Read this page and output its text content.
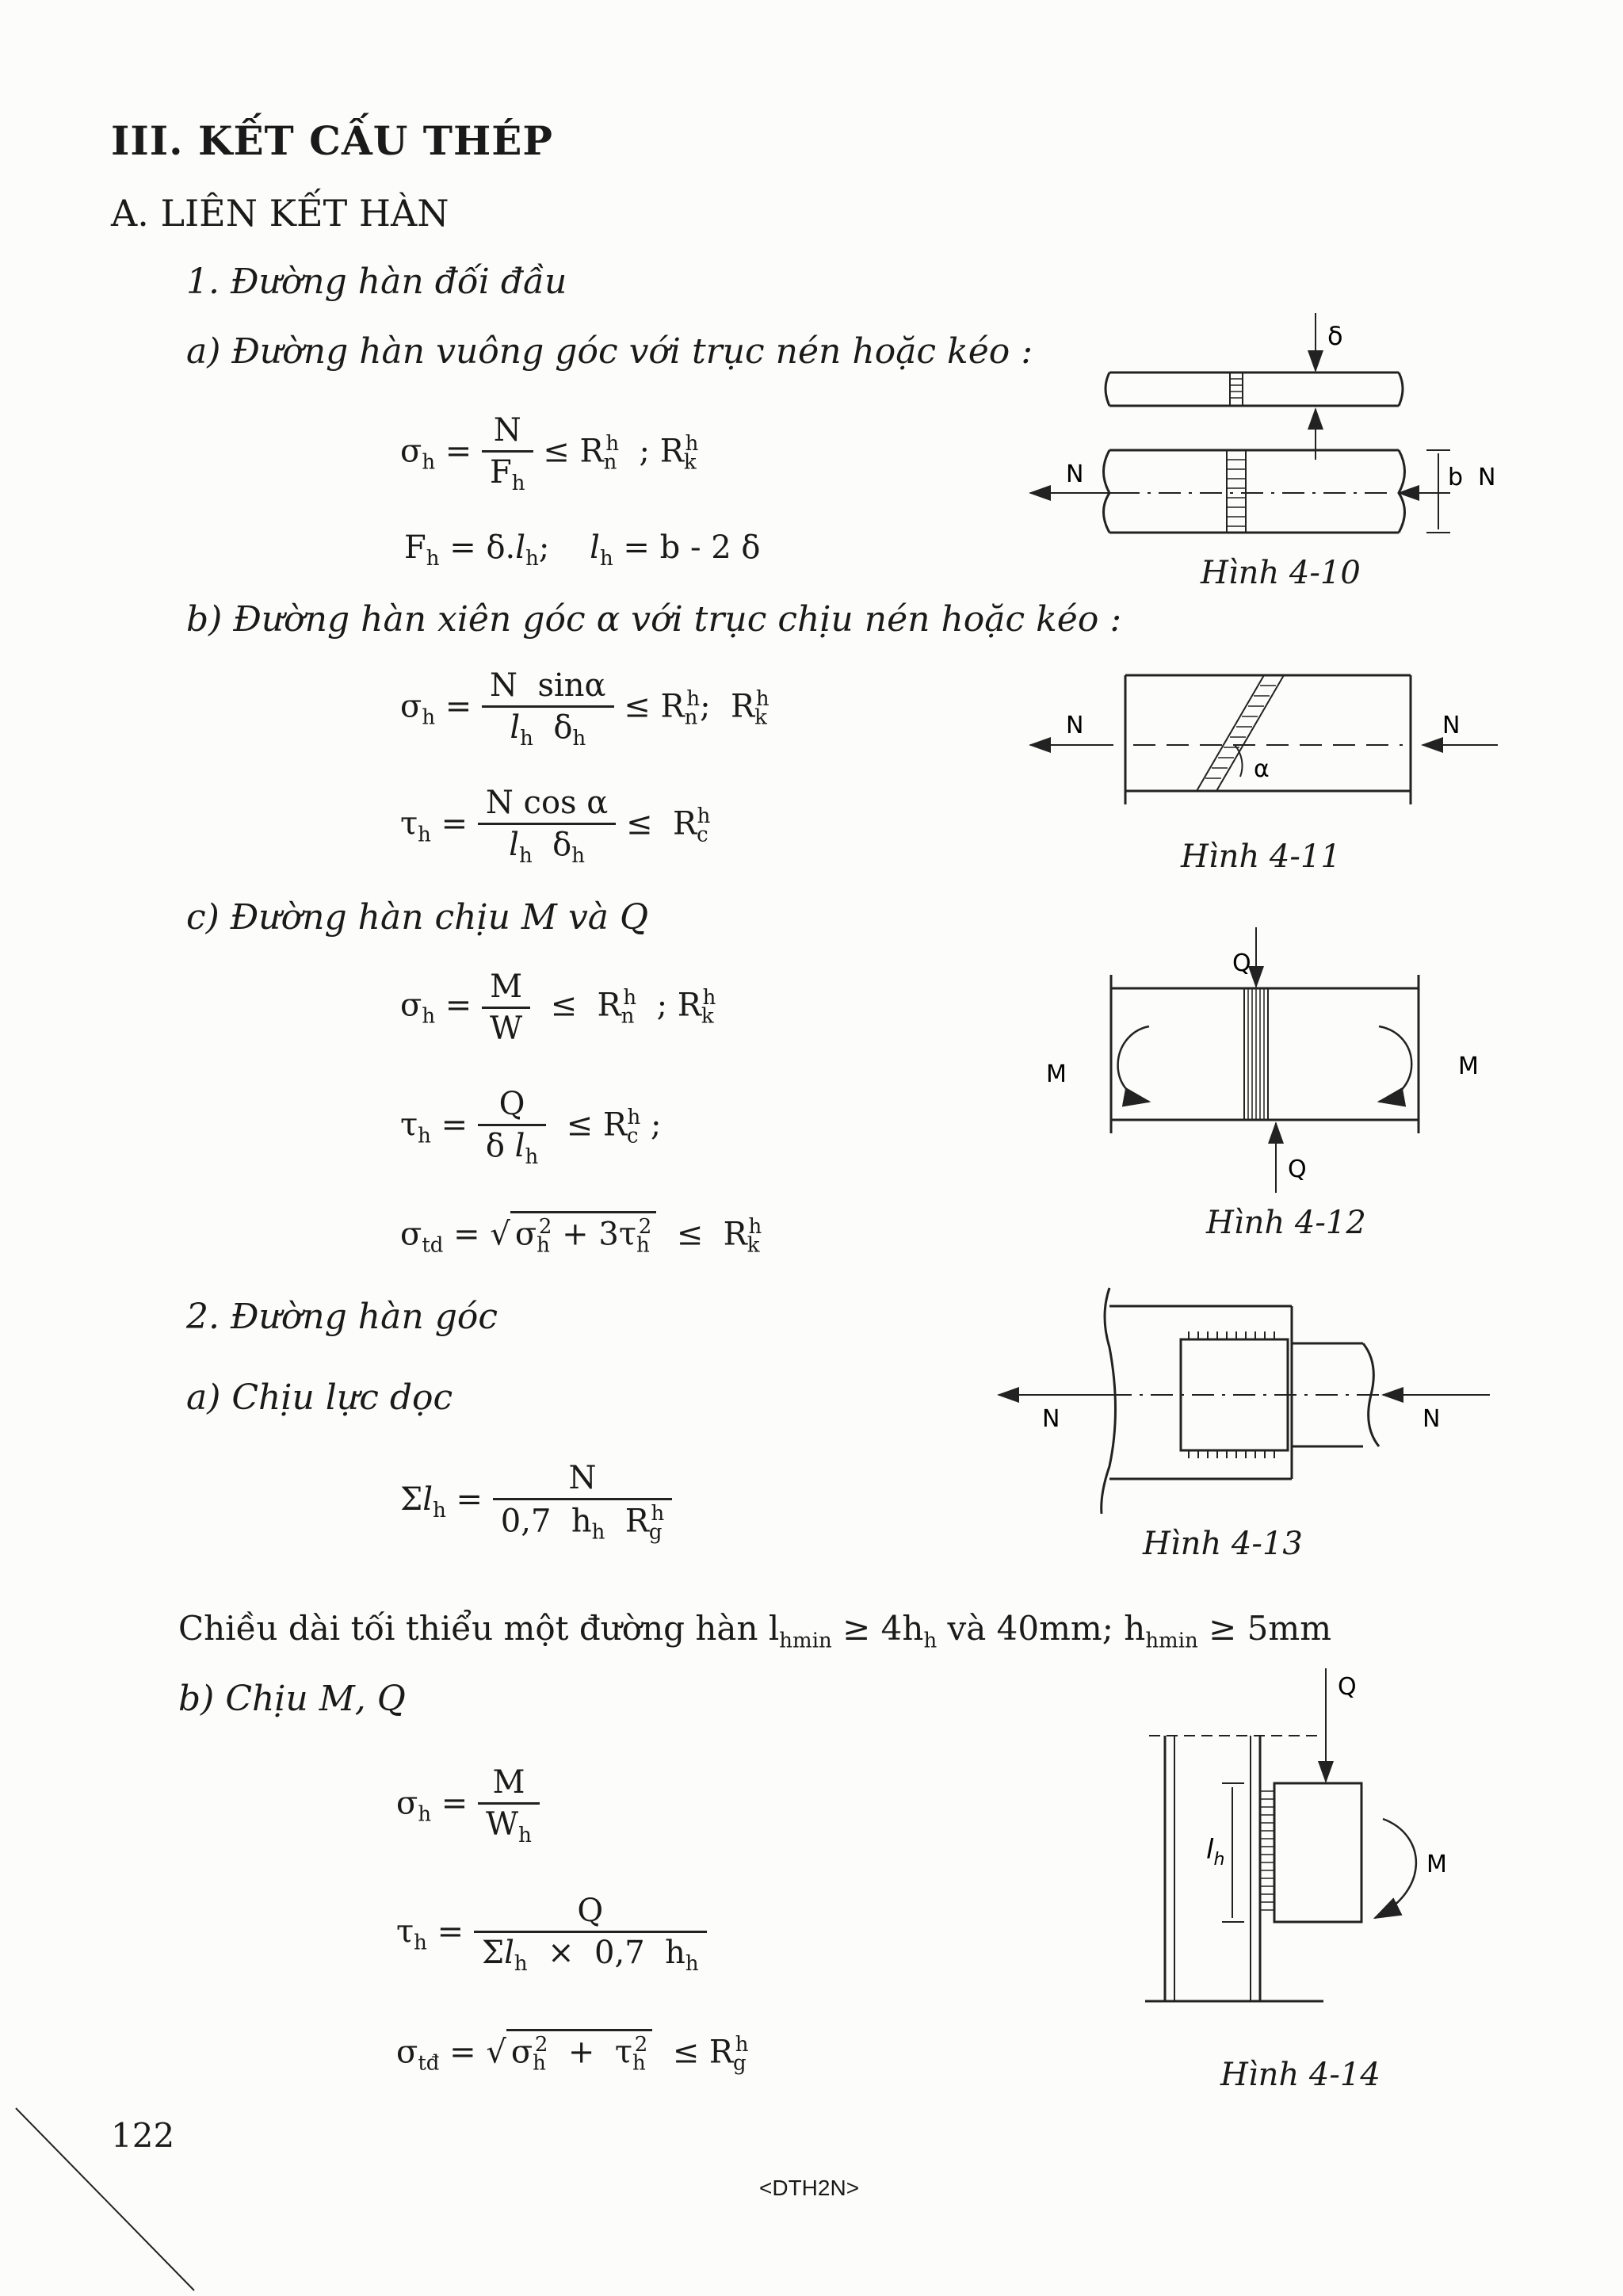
III. KẾT CẤU THÉP
A. LIÊN KẾT HÀN
1. Đường hàn đối đầu
a) Đường hàn vuông góc với trục nén hoặc kéo :
$\sigma_h = \frac{N}{F_h} \le R_n^h$  ; $R_k^h$
$F_h = \delta.l_h$;    $l_h = b - 2$ δ
b) Đường hàn xiên góc α với trục chịu nén hoặc kéo :
$\sigma_h = \frac{\text{N  sinα}}{l_h \delta_h} \le R_n^h$;  $R_k^h$
$\tau_h = \frac{\text{N cos α}}{l_h \delta_h} \le R_c^h$
c) Đường hàn chịu M và Q
$\sigma_h = \frac{M}{W} \le R_n^h$  ; $R_k^h$
$\tau_h = \frac{Q}{\delta l_h} \le R_c^h$ ;
$\sigma_{td}$ = √ $\sigma_h^2 + 3\tau_h^2 \le R_k^h$
2. Đường hàn góc
a) Chịu lực dọc
$\Sigma l_h = \frac{N}{0,7 h_h R_g^h}$
Chiều dài tối thiểu một đường hàn $l_{hmin} \ge 4h_h$ và 40mm; $h_{hmin} \ge 5mm$
b) Chịu M, Q
$\sigma_h = \frac{M}{W_h}$
$\tau_h = \frac{Q}{\Sigma l_h \times 0,7 h_h}$
$\sigma_{tđ}$ = √ $\sigma_h^2 + \tau_h^2 \le R_g^h$
δ
N	N
b
Hình 4-10
N	N
α
Hình 4-11
Q
Q
M	M
Hình 4-12
N	N
Hình 4-13
$l_h$
Q
M
Hình 4-14
122
<DTH2N>
